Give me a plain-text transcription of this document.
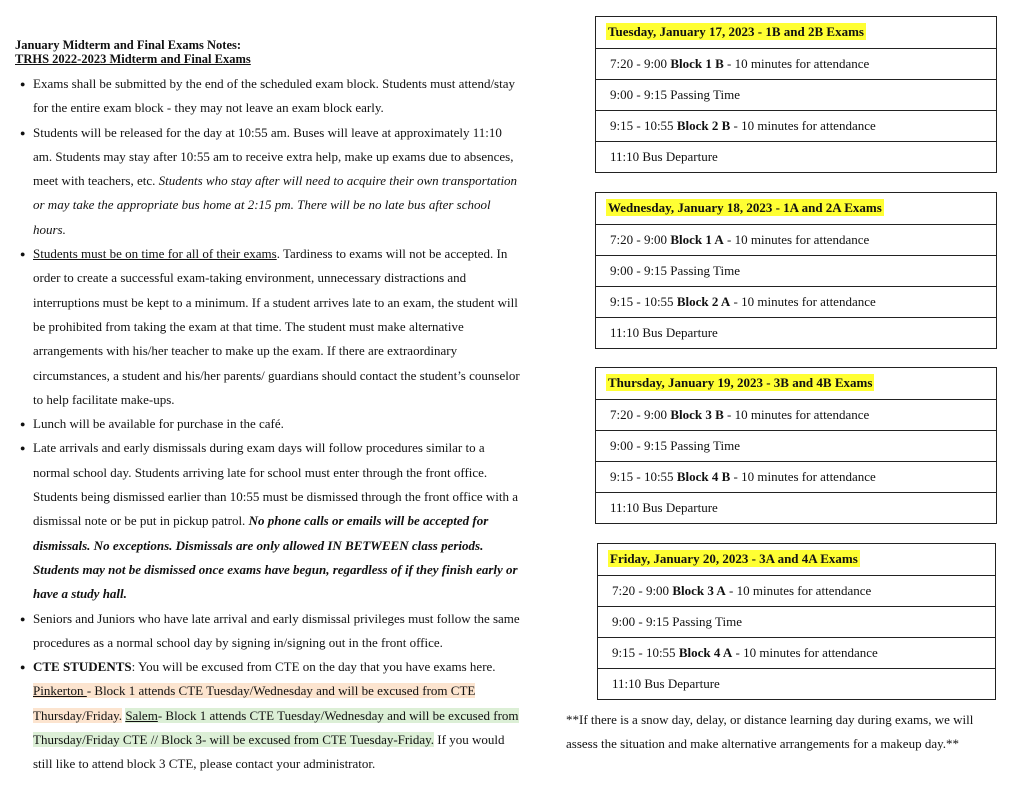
January Midterm and Final Exams Notes:
TRHS 2022-2023 Midterm and Final Exams
● Exams shall be submitted by the end of the scheduled exam block. Students must attend/stay for the entire exam block - they may not leave an exam block early.
● Students will be released for the day at 10:55 am. Buses will leave at approximately 11:10 am. Students may stay after 10:55 am to receive extra help, make up exams due to absences, meet with teachers, etc. Students who stay after will need to acquire their own transportation or may take the appropriate bus home at 2:15 pm. There will be no late bus after school hours.
● Students must be on time for all of their exams. Tardiness to exams will not be accepted. In order to create a successful exam-taking environment, unnecessary distractions and interruptions must be kept to a minimum. If a student arrives late to an exam, the student will be prohibited from taking the exam at that time. The student must make alternative arrangements with his/her teacher to make up the exam. If there are extraordinary circumstances, a student and his/her parents/ guardians should contact the student’s counselor to help facilitate make-ups.
● Lunch will be available for purchase in the café.
● Late arrivals and early dismissals during exam days will follow procedures similar to a normal school day. Students arriving late for school must enter through the front office. Students being dismissed earlier than 10:55 must be dismissed through the front office with a dismissal note or be put in pickup patrol. No phone calls or emails will be accepted for dismissals. No exceptions. Dismissals are only allowed IN BETWEEN class periods. Students may not be dismissed once exams have begun, regardless of if they finish early or have a study hall.
● Seniors and Juniors who have late arrival and early dismissal privileges must follow the same procedures as a normal school day by signing in/signing out in the front office.
● CTE STUDENTS: You will be excused from CTE on the day that you have exams here. Pinkerton - Block 1 attends CTE Tuesday/Wednesday and will be excused from CTE Thursday/Friday. Salem- Block 1 attends CTE Tuesday/Wednesday and will be excused from Thursday/Friday CTE // Block 3- will be excused from CTE Tuesday-Friday. If you would still like to attend block 3 CTE, please contact your administrator.
Tuesday, January 17, 2023 - 1B and 2B Exams
7:20 - 9:00 Block 1 B - 10 minutes for attendance
9:00 - 9:15 Passing Time
9:15 - 10:55 Block 2 B - 10 minutes for attendance
11:10 Bus Departure
Wednesday, January 18, 2023 - 1A and 2A Exams
7:20 - 9:00 Block 1 A - 10 minutes for attendance
9:00 - 9:15 Passing Time
9:15 - 10:55 Block 2 A - 10 minutes for attendance
11:10 Bus Departure
Thursday, January 19, 2023 - 3B and 4B Exams
7:20 - 9:00 Block 3 B - 10 minutes for attendance
9:00 - 9:15 Passing Time
9:15 - 10:55 Block 4 B - 10 minutes for attendance
11:10 Bus Departure
Friday, January 20, 2023 - 3A and 4A Exams
7:20 - 9:00 Block 3 A - 10 minutes for attendance
9:00 - 9:15 Passing Time
9:15 - 10:55 Block 4 A - 10 minutes for attendance
11:10 Bus Departure
**If there is a snow day, delay, or distance learning day during exams, we will assess the situation and make alternative arrangements for a makeup day.**
